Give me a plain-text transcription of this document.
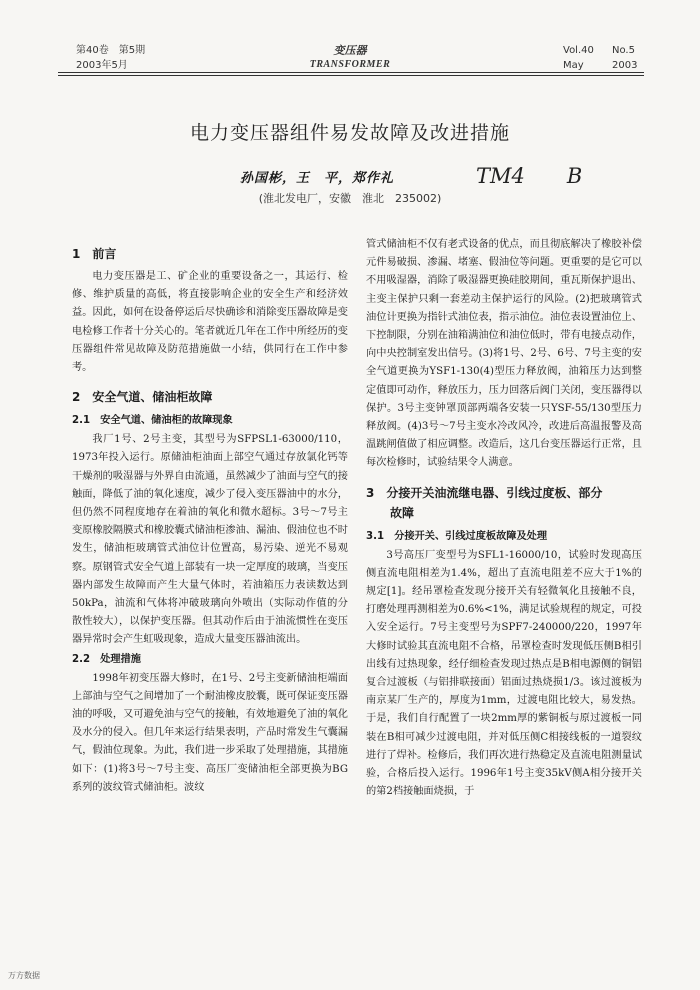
第40卷　第5期
2003年5月
变压器
TRANSFORMER
Vol.40 No.5
May	2003
电力变压器组件易发故障及改进措施
孙国彬，王　平，郑作礼	TM4　　B
(淮北发电厂，安徽　淮北　235002)
1　前言

电力变压器是工、矿企业的重要设备之一，其运行、检修、维护质量的高低，将直接影响企业的安全生产和经济效益。因此，如何在设备停运后尽快确诊和消除变压器故障是变电检修工作者十分关心的。笔者就近几年在工作中所经历的变压器组件常见故障及防范措施做一小结，供同行在工作中参考。

2　安全气道、储油柜故障
2.1　安全气道、储油柜的故障现象

我厂1号、2号主变，其型号为SFPSL1-63000/110，1973年投入运行。原储油柜油面上部空气通过存放氯化钙等干燥剂的吸湿器与外界自由流通，虽然减少了油面与空气的接触面，降低了油的氧化速度，减少了侵入变压器油中的水分，但仍然不同程度地存在着油的氧化和微水超标。3号～7号主变原橡胶隔膜式和橡胶囊式储油柜渗油、漏油、假油位也不时发生，储油柜玻璃管式油位计位置高，易污染、逆光不易观察。原钢管式安全气道上部装有一块一定厚度的玻璃，当变压器内部发生故障而产生大量气体时，若油箱压力表读数达到50kPa，油流和气体将冲破玻璃向外喷出（实际动作值的分散性较大），以保护变压器。但其动作后由于油流惯性在变压器异常时会产生虹吸现象，造成大量变压器油流出。

2.2　处理措施

1998年初变压器大修时，在1号、2号主变新储油柜端面上部油与空气之间增加了一个耐油橡皮胶囊，既可保证变压器油的呼吸，又可避免油与空气的接触，有效地避免了油的氧化及水分的侵入。但几年来运行结果表明，产品时常发生气囊漏气，假油位现象。为此，我们进一步采取了处理措施，其措施如下：(1)将3号～7号主变、高压厂变储油柜全部更换为BG系列的波纹管式储油柜。波纹

管式储油柜不仅有老式设备的优点，而且彻底解决了橡胶补偿元件易破损、渗漏、堵塞、假油位等问题。更重要的是它可以不用吸湿器，消除了吸湿器更换硅胶期间，重瓦斯保护退出、主变主保护只剩一套差动主保护运行的风险。(2)把玻璃管式油位计更换为指针式油位表，指示油位。油位表设置油位上、下控制限，分别在油箱满油位和油位低时，带有电接点动作，向中央控制室发出信号。(3)将1号、2号、6号、7号主变的安全气道更换为YSF1-130(4)型压力释放阀，油箱压力达到整定值即可动作，释放压力，压力回落后阀门关闭，变压器得以保护。3号主变钟罩顶部两端各安装一只YSF-55/130型压力释放阀。(4)3号～7号主变水冷改风冷，改进后高温报警及高温跳闸值做了相应调整。改造后，这几台变压器运行正常，且每次检修时，试验结果令人满意。

3　分接开关油流继电器、引线过度板、部分
故障
3.1　分接开关、引线过度板故障及处理

3号高压厂变型号为SFL1-16000/10，试验时发现高压侧直流电阻相差为1.4%，超出了直流电阻差不应大于1%的规定[1]。经吊罩检查发现分接开关有轻微氧化且接触不良，打磨处理再测相差为0.6%<1%，满足试验规程的规定，可投入安全运行。7号主变型号为SPF7-240000/220，1997年大修时试验其直流电阻不合格，吊罩检查时发现低压侧B相引出线有过热现象，经仔细检查发现过热点是B相电源侧的铜铝复合过渡板（与铝排联接面）铝面过热烧损1/3。该过渡板为南京某厂生产的，厚度为1mm，过渡电阻比较大，易发热。于是，我们自行配置了一块2mm厚的紫铜板与原过渡板一同装在B相可减少过渡电阻，并对低压侧C相接线板的一道裂纹进行了焊补。检修后，我们再次进行热稳定及直流电阻测量试验，合格后投入运行。1996年1号主变35kV侧A相分接开关的第2档接触面烧损，于

万方数据
